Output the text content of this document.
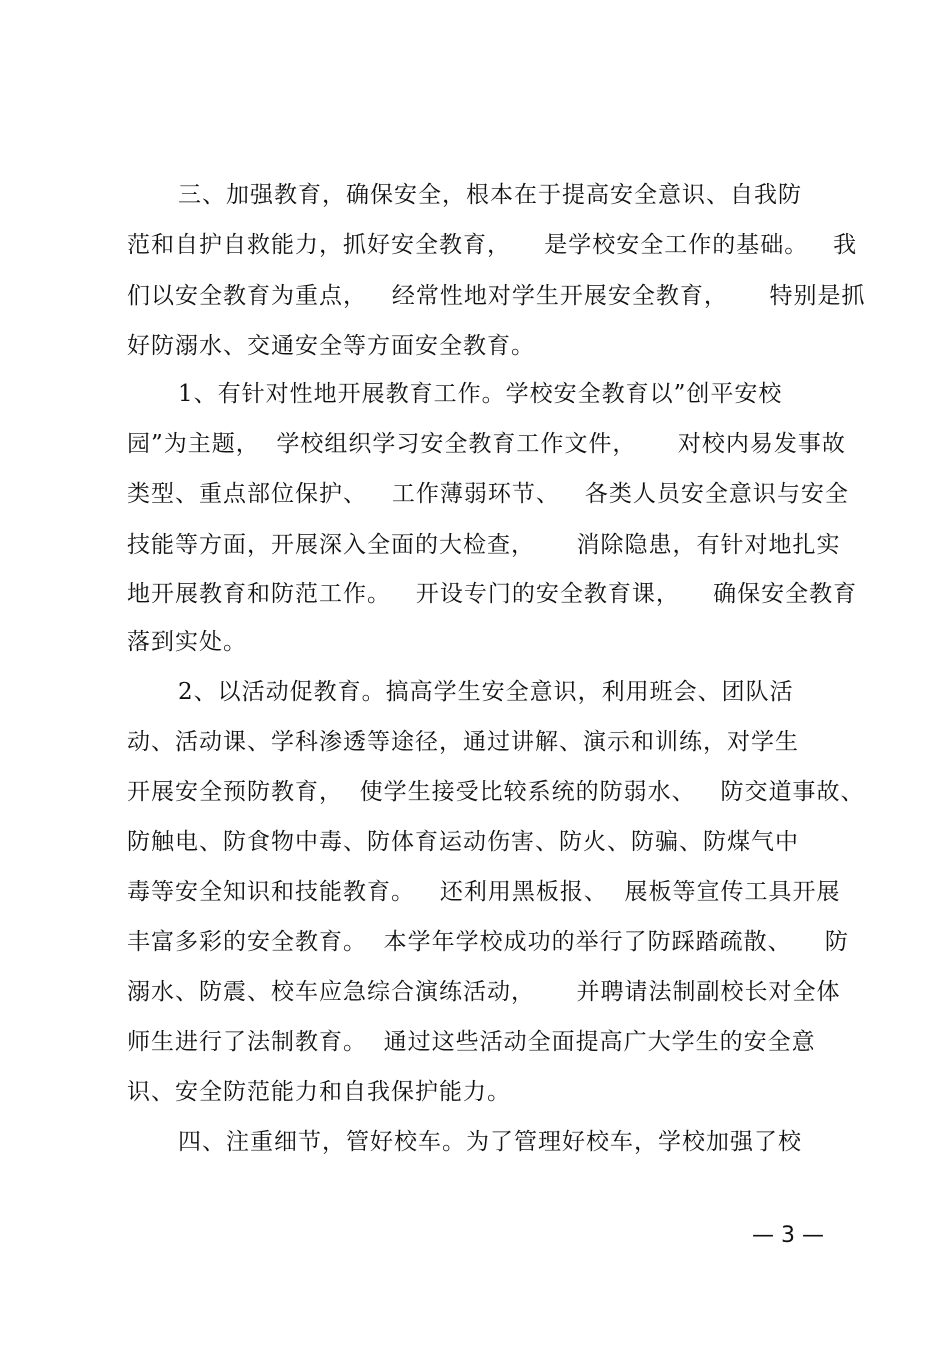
三、加强教育，确保安全，根本在于提高安全意识、自我防
范和自护自救能力，抓好安全教育，    是学校安全工作的基础。   我
们以安全教育为重点，   经常性地对学生开展安全教育，     特别是抓
好防溺水、交通安全等方面安全教育。
1、有针对性地开展教育工作。学校安全教育以”创平安校
园”为主题，  学校组织学习安全教育工作文件，     对校内易发事故
类型、重点部位保护、   工作薄弱环节、   各类人员安全意识与安全
技能等方面，开展深入全面的大检查，     消除隐患，有针对地扎实
地开展教育和防范工作。   开设专门的安全教育课，    确保安全教育
落到实处。
2、以活动促教育。搞高学生安全意识，利用班会、团队活
动、活动课、学科渗透等途径，通过讲解、演示和训练，对学生
开展安全预防教育，  使学生接受比较系统的防弱水、   防交道事故、
防触电、防食物中毒、防体育运动伤害、防火、防骗、防煤气中
毒等安全知识和技能教育。   还利用黑板报、  展板等宣传工具开展
丰富多彩的安全教育。  本学年学校成功的举行了防踩踏疏散、    防
溺水、防震、校车应急综合演练活动，     并聘请法制副校长对全体
师生进行了法制教育。  通过这些活动全面提高广大学生的安全意
识、安全防范能力和自我保护能力。
四、注重细节，管好校车。为了管理好校车，学校加强了校
— 3 —
